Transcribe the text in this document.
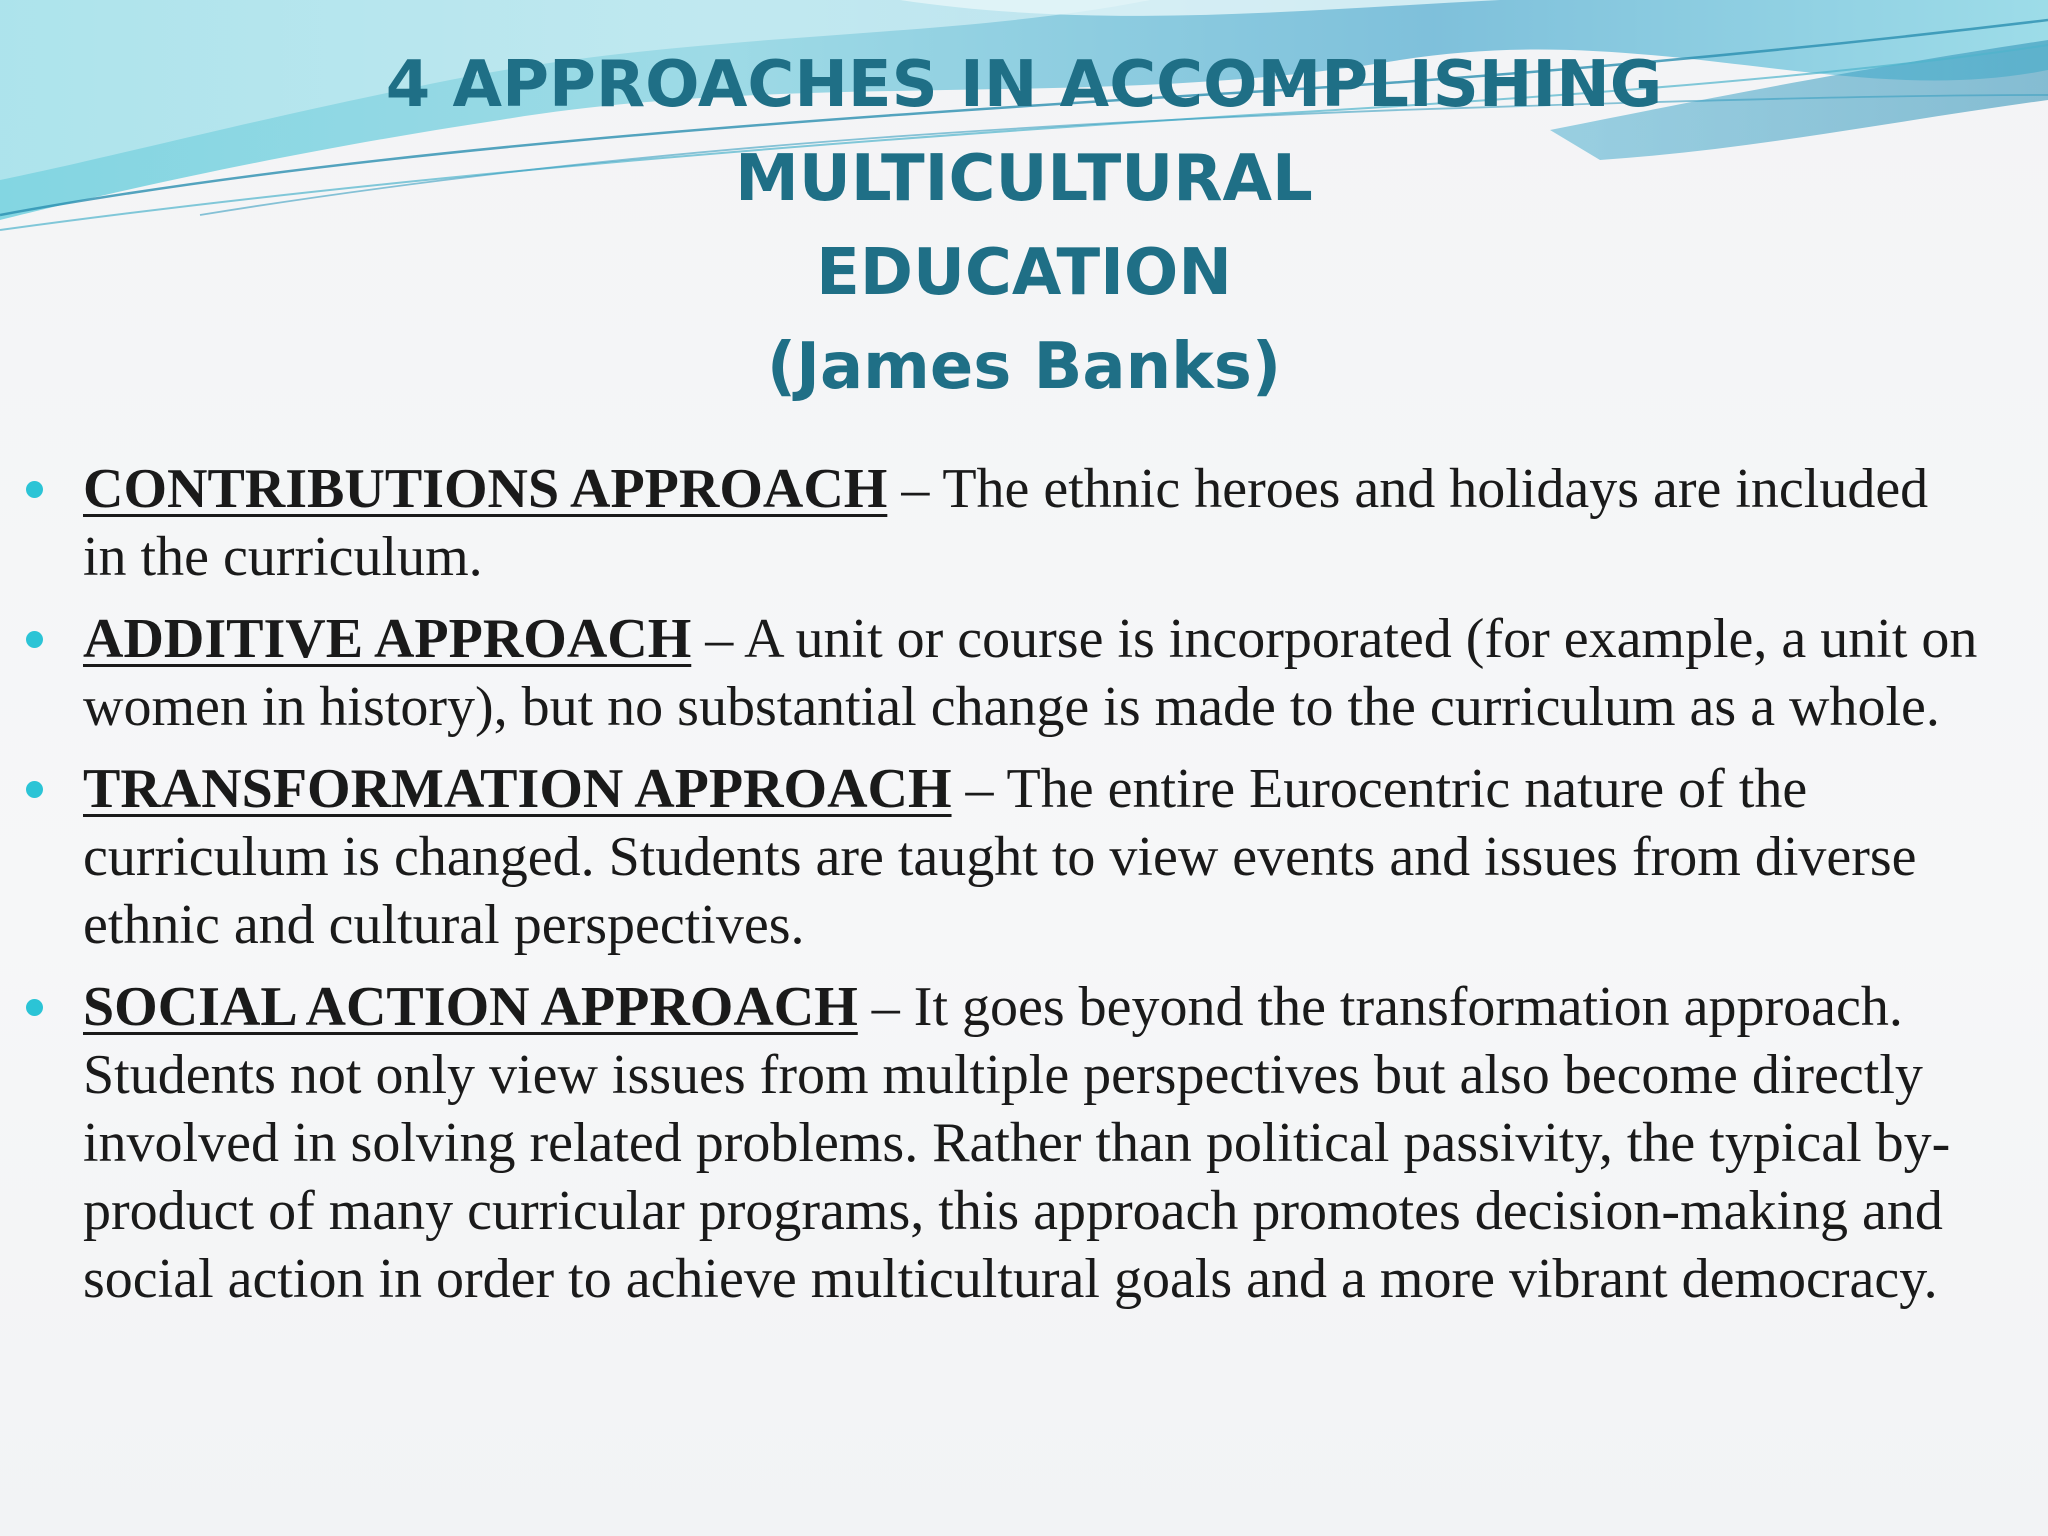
4 APPROACHES IN ACCOMPLISHING MULTICULTURAL
EDUCATION
(James Banks)
CONTRIBUTIONS APPROACH – The ethnic heroes and holidays are included in the curriculum.
ADDITIVE APPROACH – A unit or course is incorporated (for example, a unit on women in history), but no substantial change is made to the curriculum as a whole.
TRANSFORMATION APPROACH – The entire Eurocentric nature of the curriculum is changed. Students are taught to view events and issues from diverse ethnic and cultural perspectives.
SOCIAL ACTION APPROACH – It goes beyond the transformation approach. Students not only view issues from multiple perspectives but also become directly involved in solving related problems. Rather than political passivity, the typical by-product of many curricular programs, this approach promotes decision-making and social action in order to achieve multicultural goals and a more vibrant democracy.
